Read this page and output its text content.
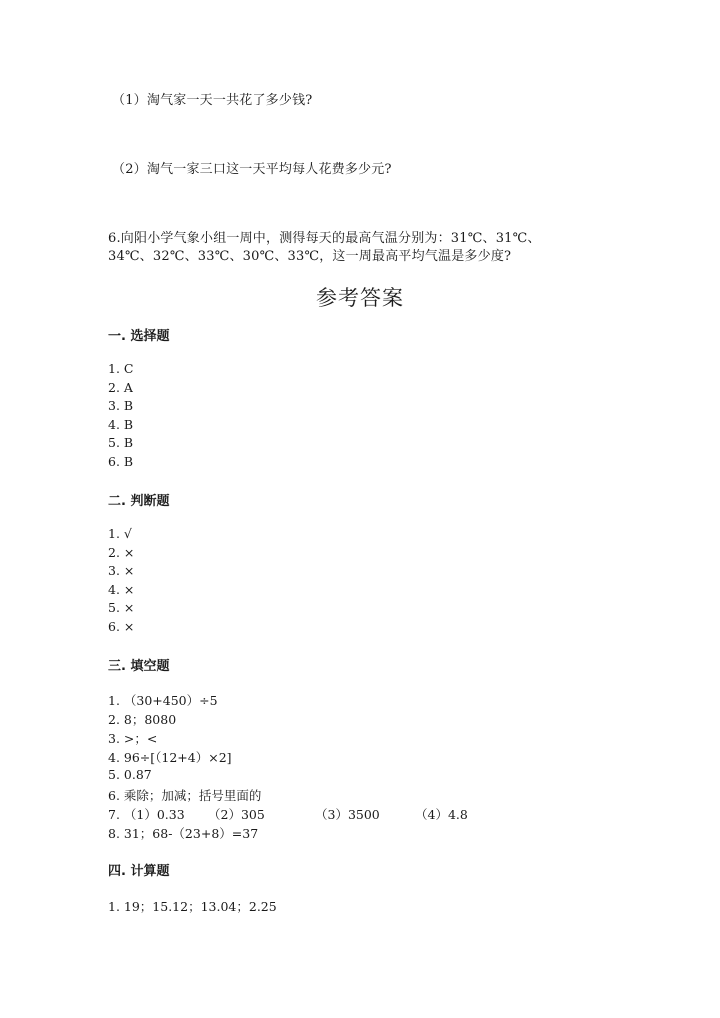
（1）淘气家一天一共花了多少钱?
（2）淘气一家三口这一天平均每人花费多少元?
6.向阳小学气象小组一周中，测得每天的最高气温分别为：31℃、31℃、
34℃、32℃、33℃、30℃、33℃，这一周最高平均气温是多少度?
参考答案
一. 选择题
1. C
2. A
3. B
4. B
5. B
6. B
二. 判断题
1. √
2. ×
3. ×
4. ×
5. ×
6. ×
三. 填空题
1. （30+450）÷5
2. 8；8080
3. >；<
4. 96÷[（12+4）×2]
5. 0.87
6. 乘除；加减；括号里面的
7. （1）0.33 （2）305	（3）3500	（4）4.8
8. 31；68-（23+8）=37
四. 计算题
1. 19；15.12；13.04；2.25
